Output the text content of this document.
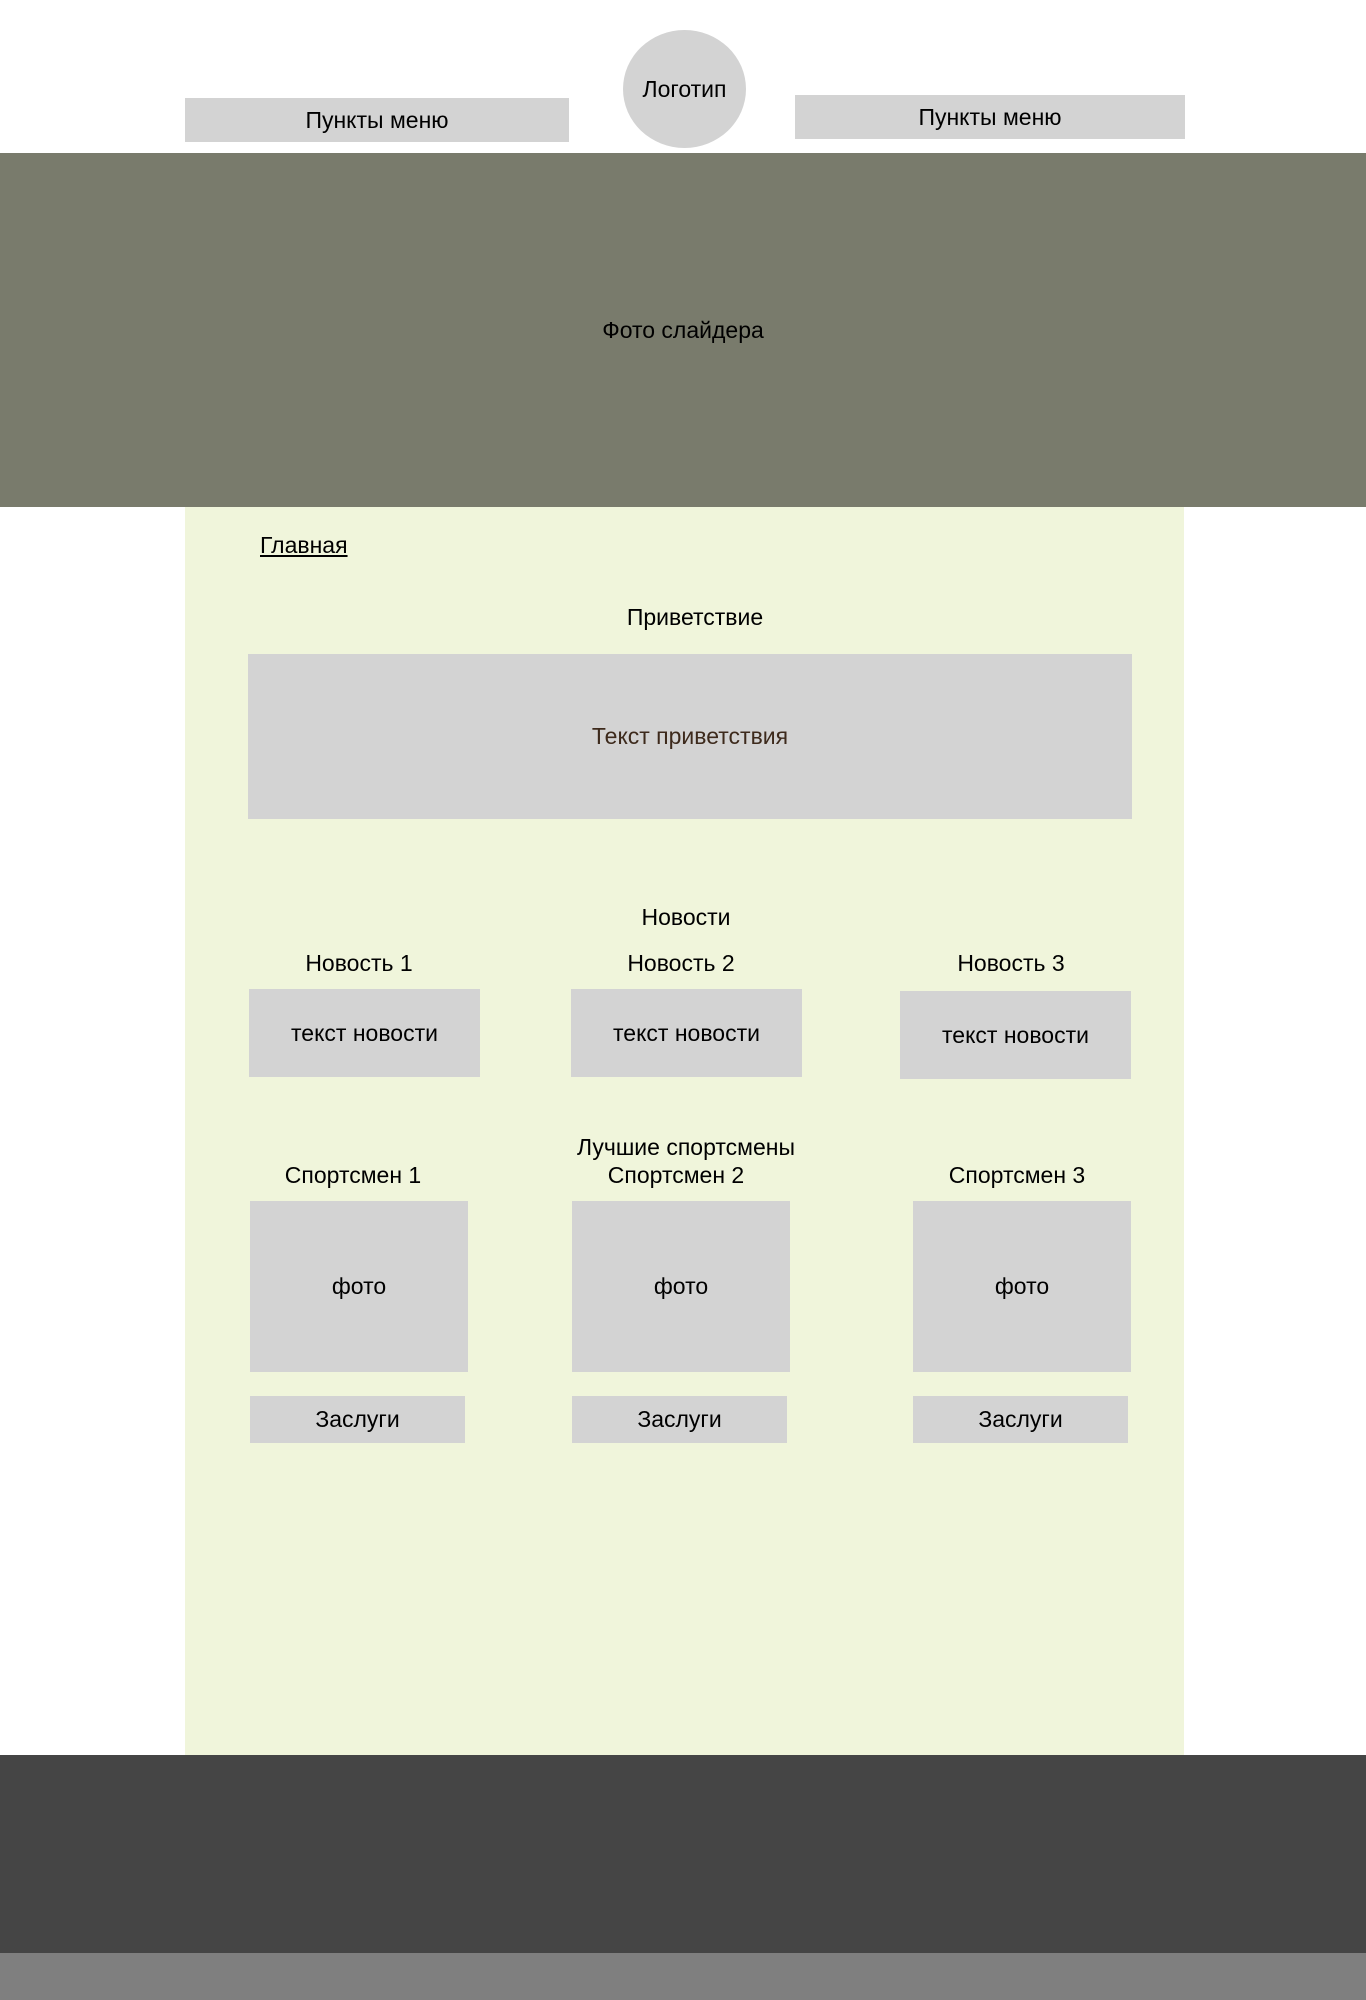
Пункты меню
Логотип
Пункты меню
Фото слайдера
Главная
Приветствие
Текст приветствия
Новости
Новость 1
текст новости
Новость 2
текст новости
Новость 3
текст новости
Лучшие спортсмены
Спортсмен 1
фото
Заслуги
Спортсмен 2
фото
Заслуги
Спортсмен 3
фото
Заслуги
